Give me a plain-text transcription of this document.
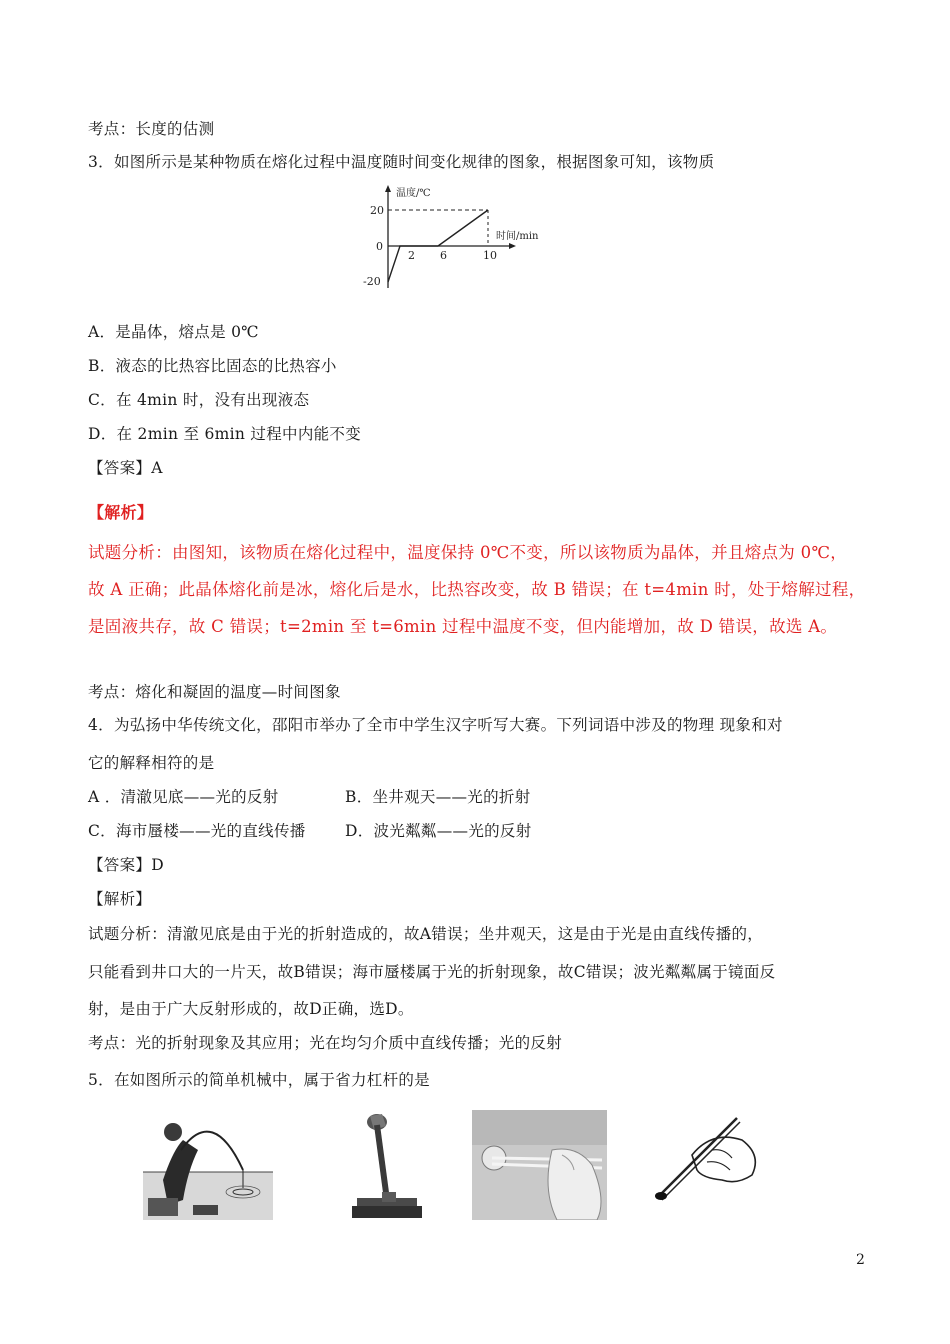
考点：长度的估测
3．如图所示是某种物质在熔化过程中温度随时间变化规律的图象，根据图象可知，该物质
温度/℃
时间/min
20
0
-20
2 6	10
A．是晶体，熔点是 0℃
B．液态的比热容比固态的比热容小
C．在 4min 时，没有出现液态
D．在 2min 至 6min 过程中内能不变
【答案】A
【解析】
试题分析：由图知，该物质在熔化过程中，温度保持 0℃不变，所以该物质为晶体，并且熔点为 0℃，
故 A 正确；此晶体熔化前是冰，熔化后是水，比热容改变，故 B 错误；在 t=4min 时，处于熔解过程，
是固液共存，故 C 错误；t=2min 至 t=6min 过程中温度不变，但内能增加，故 D 错误，故选 A。
考点：熔化和凝固的温度—时间图象
4．为弘扬中华传统文化，邵阳市举办了全市中学生汉字听写大赛。下列词语中涉及的物理 现象和对
它的解释相符的是
A ．清澈见底——光的反射	B．坐井观天——光的折射
C．海市蜃楼——光的直线传播	D．波光粼粼——光的反射
【答案】D
【解析】
试题分析：清澈见底是由于光的折射造成的，故A错误；坐井观天，这是由于光是由直线传播的，
只能看到井口大的一片天，故B错误；海市蜃楼属于光的折射现象，故C错误；波光粼粼属于镜面反
射，是由于广大反射形成的，故D正确，选D。
考点：光的折射现象及其应用；光在均匀介质中直线传播；光的反射
5．在如图所示的简单机械中，属于省力杠杆的是
2
